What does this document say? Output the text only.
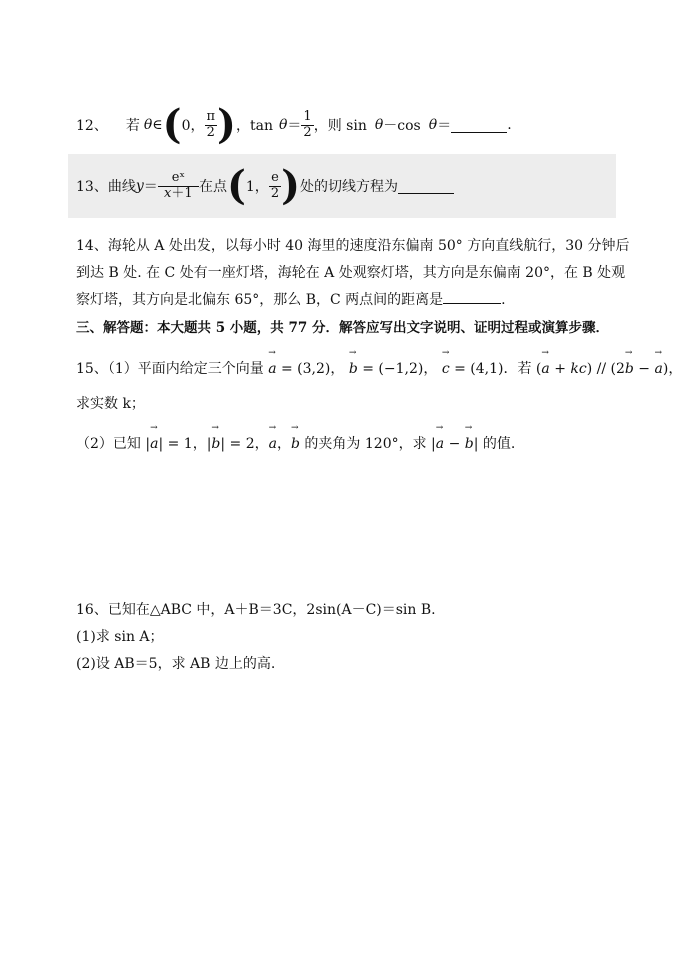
12、 若 θ ∈ ( 0， $\frac{\pi}{2}$ ) ，$\tan \theta = \frac{1}{2}$ ，则 sin θ －cos θ ＝	.
13、曲线 $y = \frac{\text{eˣ}}{x+1}$ 在点 ( 1， $\frac{e}{2}$ ) 处的切线方程为
14、海轮从 A 处出发，以每小时 40 海里的速度沿东偏南 50° 方向直线航行，30 分钟后
到达 B 处. 在 C 处有一座灯塔，海轮在 A 处观察灯塔，其方向是东偏南 20°，在 B 处观
察灯塔，其方向是北偏东 65°，那么 B，C 两点间的距离是	.
三、解答题：本大题共 5 小题，共 77 分．解答应写出文字说明、证明过程或演算步骤．
15、（1）平面内给定三个向量 → a = (3,2)， → b = (−1,2)， → c = (4,1)．若 (→ a + kc) // (2→ b − → a)，
求实数 k；
（2）已知 |→ a| = 1，|→ b| = 2，→ a，→ b 的夹角为 120°，求 |→ a − → b| 的值.
16、已知在△ABC 中，A＋B＝3C，2sin(A－C)＝sin B.
(1)求 sin A；
(2)设 AB＝5，求 AB 边上的高.
